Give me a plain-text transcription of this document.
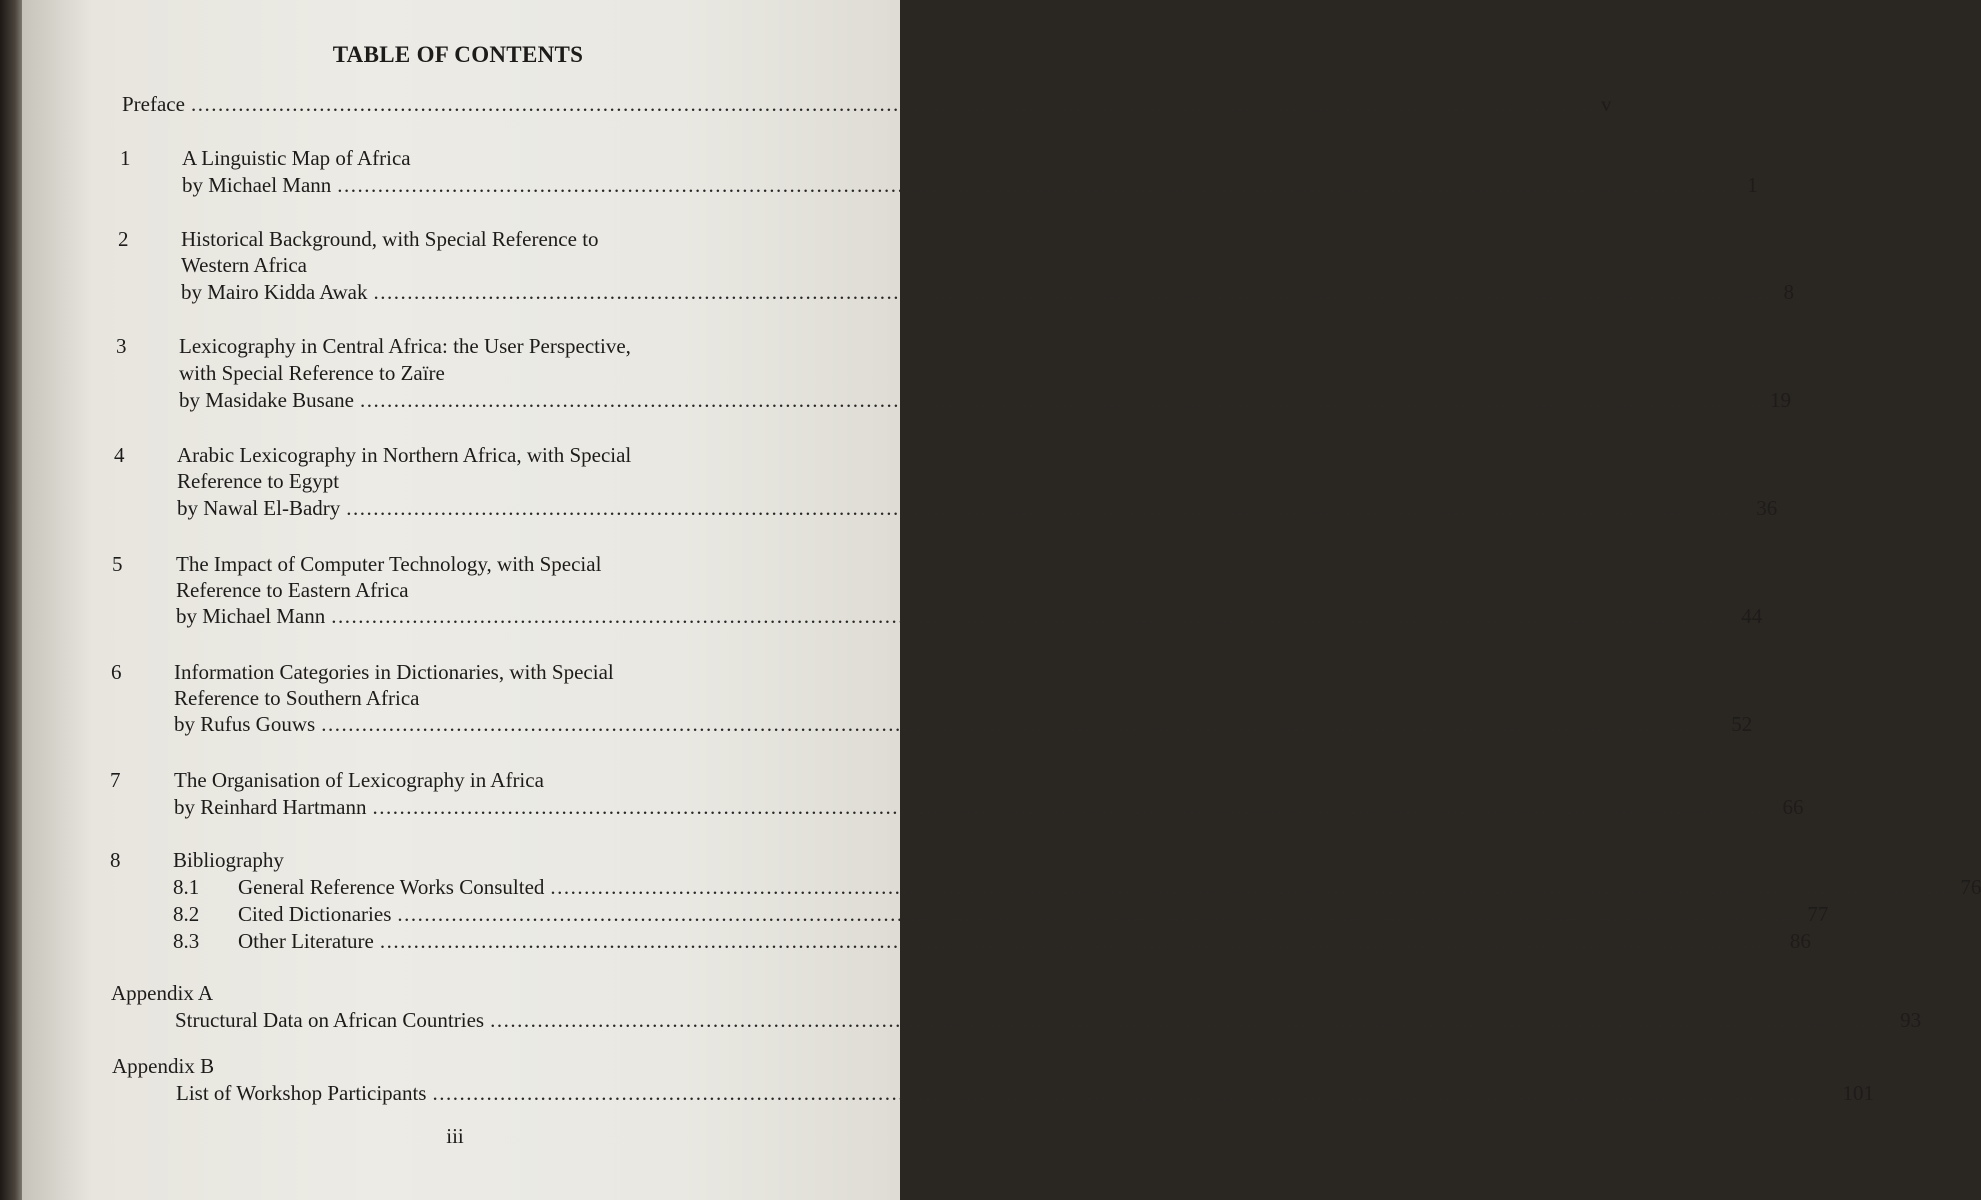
TABLE OF CONTENTS
Preface ................................................................................................................................................................................................................ v
1 A Linguistic Map of Africa
by Michael Mann ................................................................................................................................................................................................................ 1
2	Historical Background, with Special Reference to
Western Africa
by Mairo Kidda Awak ................................................................................................................................................................................................................ 8
3	Lexicography in Central Africa: the User Perspective,
with Special Reference to Zaïre
by Masidake Busane ................................................................................................................................................................................................................ 19
4	Arabic Lexicography in Northern Africa, with Special
Reference to Egypt
by Nawal El-Badry ................................................................................................................................................................................................................ 36
5	The Impact of Computer Technology, with Special
Reference to Eastern Africa
by Michael Mann ................................................................................................................................................................................................................ 44
6	Information Categories in Dictionaries, with Special
Reference to Southern Africa
by Rufus Gouws ................................................................................................................................................................................................................ 52
7	The Organisation of Lexicography in Africa
by Reinhard Hartmann ................................................................................................................................................................................................................ 66
8	Bibliography
8.1 General Reference Works Consulted ................................................................................................................................................................................................................ 76
8.2 Cited Dictionaries ................................................................................................................................................................................................................ 77
8.3 Other Literature ................................................................................................................................................................................................................ 86
Appendix A
Structural Data on African Countries ................................................................................................................................................................................................................ 93
Appendix B
List of Workshop Participants ................................................................................................................................................................................................................ 101
iii
